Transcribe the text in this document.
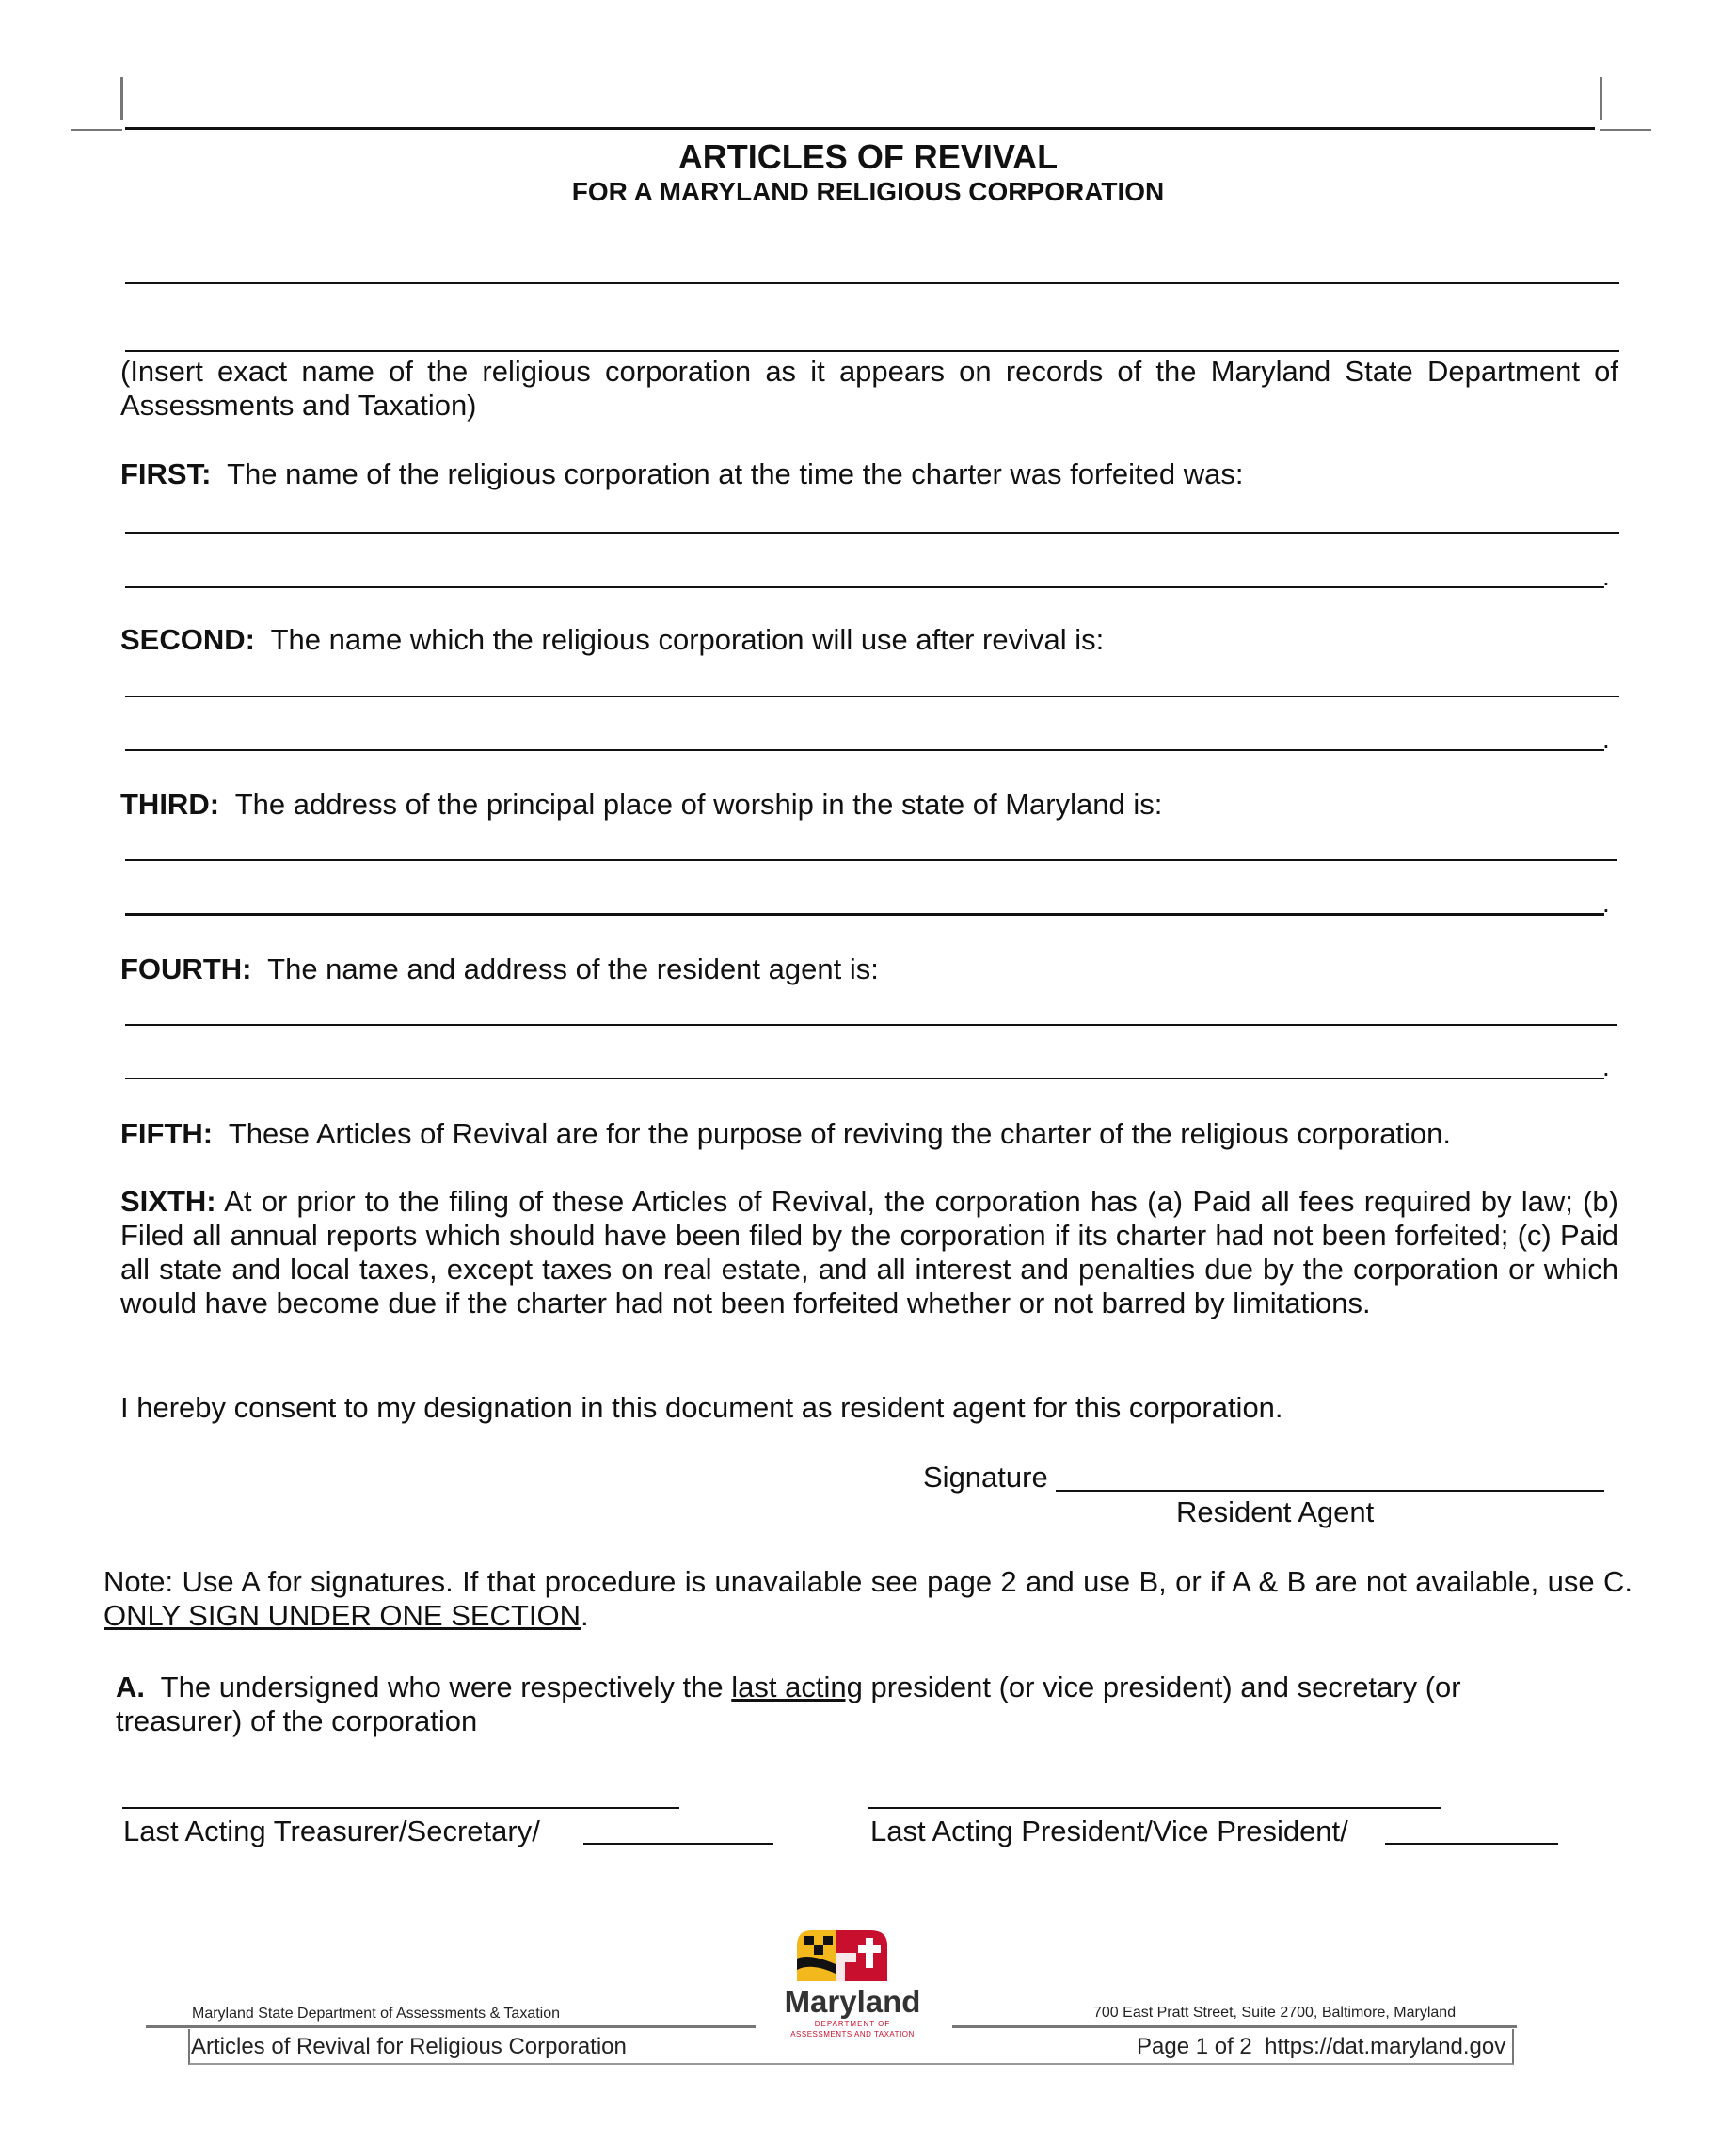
ARTICLES OF REVIVAL
FOR A MARYLAND RELIGIOUS CORPORATION
(Insert exact name of the religious corporation as it appears on records of the Maryland State Department of Assessments and Taxation)
FIRST: The name of the religious corporation at the time the charter was forfeited was:
.
SECOND: The name which the religious corporation will use after revival is:
.
THIRD: The address of the principal place of worship in the state of Maryland is:
.
FOURTH: The name and address of the resident agent is:
.
FIFTH: These Articles of Revival are for the purpose of reviving the charter of the religious corporation.
SIXTH: At or prior to the filing of these Articles of Revival, the corporation has (a) Paid all fees required by law; (b) Filed all annual reports which should have been filed by the corporation if its charter had not been forfeited; (c) Paid all state and local taxes, except taxes on real estate, and all interest and penalties due by the corporation or which would have become due if the charter had not been forfeited whether or not barred by limitations.
I hereby consent to my designation in this document as resident agent for this corporation.
Signature
Resident Agent
Note: Use A for signatures. If that procedure is unavailable see page 2 and use B, or if A & B are not available, use C. ONLY SIGN UNDER ONE SECTION.
A. The undersigned who were respectively the last acting president (or vice president) and secretary (or treasurer) of the corporation
Last Acting Treasurer/Secretary/	Last Acting President/Vice President/
Maryland State Department of Assessments & Taxation	700 East Pratt Street, Suite 2700, Baltimore, Maryland
Maryland
DEPARTMENT OF
ASSESSMENTS AND TAXATION
Articles of Revival for Religious Corporation	Page 1 of 2 https://dat.maryland.gov
